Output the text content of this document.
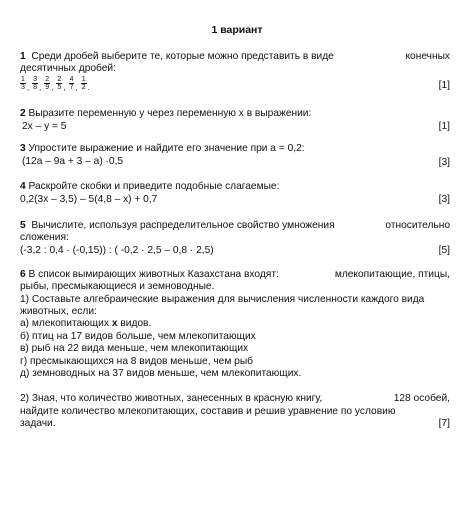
1 вариант
1 Среди дробей выберите те, которые можно представить в виде	конечных
десятичных дробей:
$\frac{1}{3}$ , $\frac{3}{8}$ , $\frac{2}{9}$ , $\frac{2}{5}$ , $\frac{4}{7}$ , $\frac{1}{2}$ .	[1]
2 Выразите переменную у через переменную х в выражении:
2х – у = 5	[1]
3 Упростите выражение и найдите его значение при а = 0,2:
(12а – 9а + 3 – а) ·0,5	[3]
4 Раскройте скобки и приведите подобные слагаемые:
0,2(3х – 3,5) – 5(4,8 – х) + 0,7	[3]
5 Вычислите, используя распределительное свойство умножения	относительно
сложения:
(-3,2 : 0,4 · (-0,15)) : ( -0,2 · 2,5 – 0,8 · 2,5)	[5]
6 В список вымирающих животных Казахстана входят:	млекопитающие, птицы,
рыбы, пресмыкающиеся и земноводные.
1) Составьте алгебраические выражения для вычисления численности каждого вида
животных, если:
а) млекопитающих х видов.
б) птиц на 17 видов больше, чем млекопитающих
в) рыб на 22 вида меньше, чем млекопитающих
г) пресмыкающихся на 8 видов меньше, чем рыб
д) земноводных на 37 видов меньше, чем млекопитающих.
2) Зная, что количество животных, занесенных в красную книгу,	128 особей,
найдите количество млекопитающих, составив и решив уравнение по условию
задачи.	[7]
